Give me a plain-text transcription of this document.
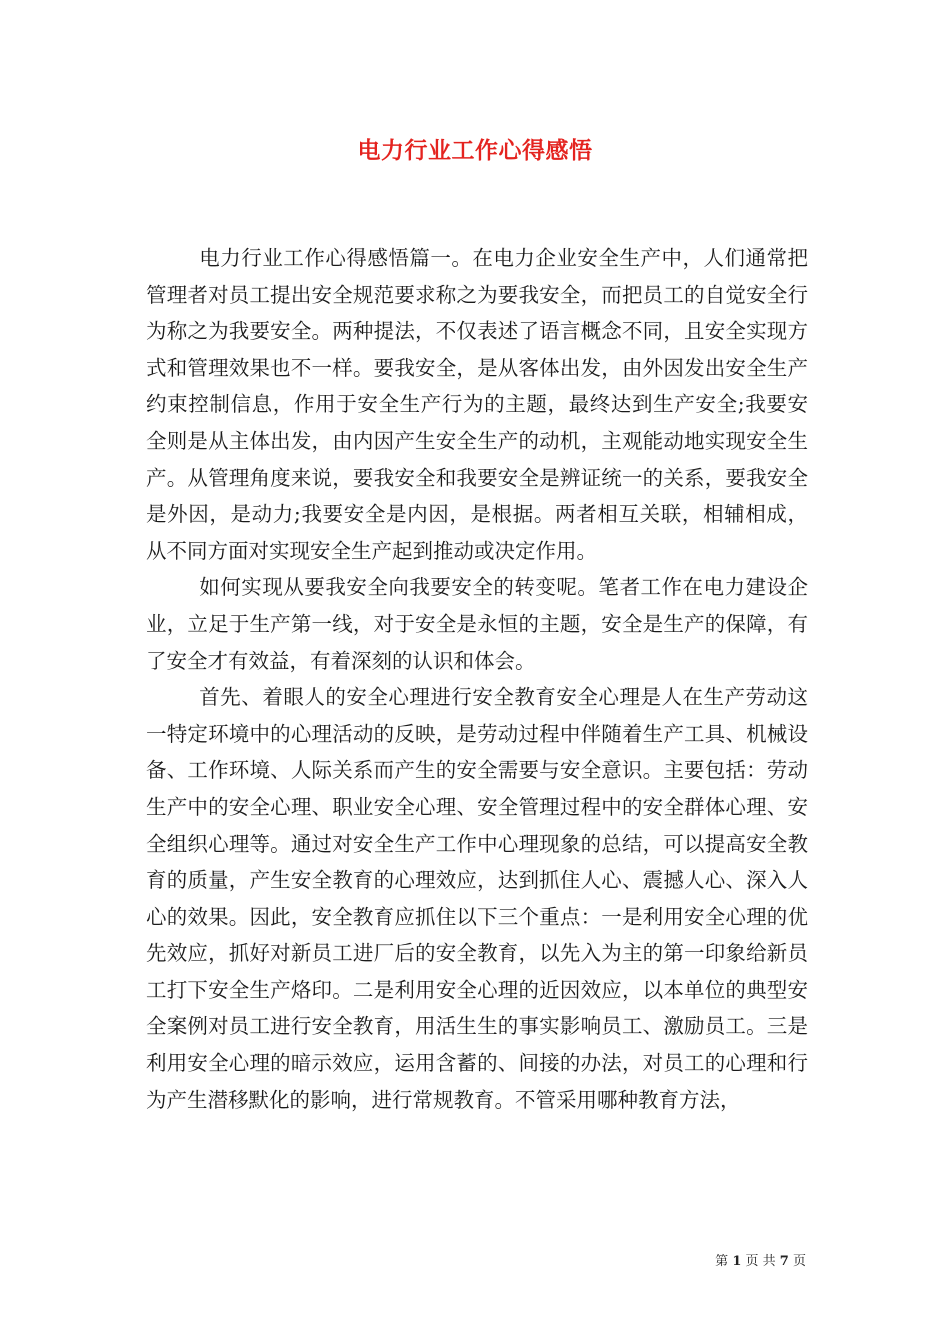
电力行业工作心得感悟

电力行业工作心得感悟篇一。在电力企业安全生产中，人们通常把管理者对员工提出安全规范要求称之为要我安全，而把员工的自觉安全行为称之为我要安全。两种提法，不仅表述了语言概念不同，且安全实现方式和管理效果也不一样。要我安全，是从客体出发，由外因发出安全生产约束控制信息，作用于安全生产行为的主题，最终达到生产安全;我要安全则是从主体出发，由内因产生安全生产的动机，主观能动地实现安全生产。从管理角度来说，要我安全和我要安全是辨证统一的关系，要我安全是外因，是动力;我要安全是内因，是根据。两者相互关联，相辅相成，从不同方面对实现安全生产起到推动或决定作用。

如何实现从要我安全向我要安全的转变呢。笔者工作在电力建设企业，立足于生产第一线，对于安全是永恒的主题，安全是生产的保障，有了安全才有效益，有着深刻的认识和体会。

首先、着眼人的安全心理进行安全教育安全心理是人在生产劳动这一特定环境中的心理活动的反映，是劳动过程中伴随着生产工具、机械设备、工作环境、人际关系而产生的安全需要与安全意识。主要包括：劳动生产中的安全心理、职业安全心理、安全管理过程中的安全群体心理、安全组织心理等。通过对安全生产工作中心理现象的总结，可以提高安全教育的质量，产生安全教育的心理效应，达到抓住人心、震撼人心、深入人心的效果。因此，安全教育应抓住以下三个重点：一是利用安全心理的优先效应，抓好对新员工进厂后的安全教育，以先入为主的第一印象给新员工打下安全生产烙印。二是利用安全心理的近因效应，以本单位的典型安全案例对员工进行安全教育，用活生生的事实影响员工、激励员工。三是利用安全心理的暗示效应，运用含蓄的、间接的办法，对员工的心理和行为产生潜移默化的影响，进行常规教育。不管采用哪种教育方法，

第 1 页 共 7 页
